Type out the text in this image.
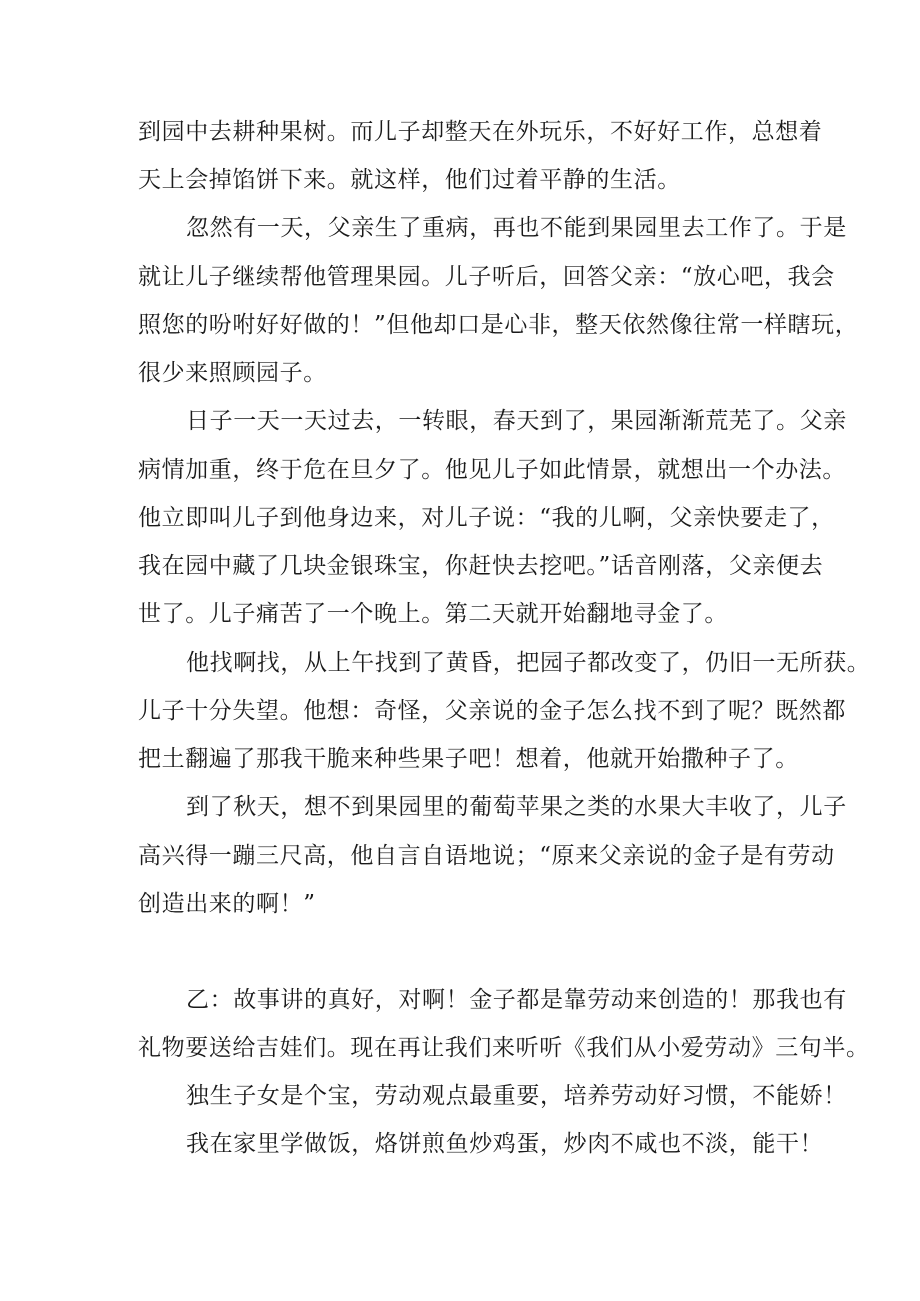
到园中去耕种果树。而儿子却整天在外玩乐，不好好工作，总想着
天上会掉馅饼下来。就这样，他们过着平静的生活。
忽然有一天，父亲生了重病，再也不能到果园里去工作了。于是
就让儿子继续帮他管理果园。儿子听后，回答父亲：“放心吧，我会
照您的吩咐好好做的！”但他却口是心非，整天依然像往常一样瞎玩，
很少来照顾园子。
日子一天一天过去，一转眼，春天到了，果园渐渐荒芜了。父亲
病情加重，终于危在旦夕了。他见儿子如此情景，就想出一个办法。
他立即叫儿子到他身边来，对儿子说：“我的儿啊，父亲快要走了，
我在园中藏了几块金银珠宝，你赶快去挖吧。”话音刚落，父亲便去
世了。儿子痛苦了一个晚上。第二天就开始翻地寻金了。
他找啊找，从上午找到了黄昏，把园子都改变了，仍旧一无所获。
儿子十分失望。他想：奇怪，父亲说的金子怎么找不到了呢？既然都
把土翻遍了那我干脆来种些果子吧！想着，他就开始撒种子了。
到了秋天，想不到果园里的葡萄苹果之类的水果大丰收了，儿子
高兴得一蹦三尺高，他自言自语地说；“原来父亲说的金子是有劳动
创造出来的啊！”
乙：故事讲的真好，对啊！金子都是靠劳动来创造的！那我也有
礼物要送给吉娃们。现在再让我们来听听《我们从小爱劳动》三句半。
独生子女是个宝，劳动观点最重要，培养劳动好习惯，不能娇！
我在家里学做饭，烙饼煎鱼炒鸡蛋，炒肉不咸也不淡，能干！
